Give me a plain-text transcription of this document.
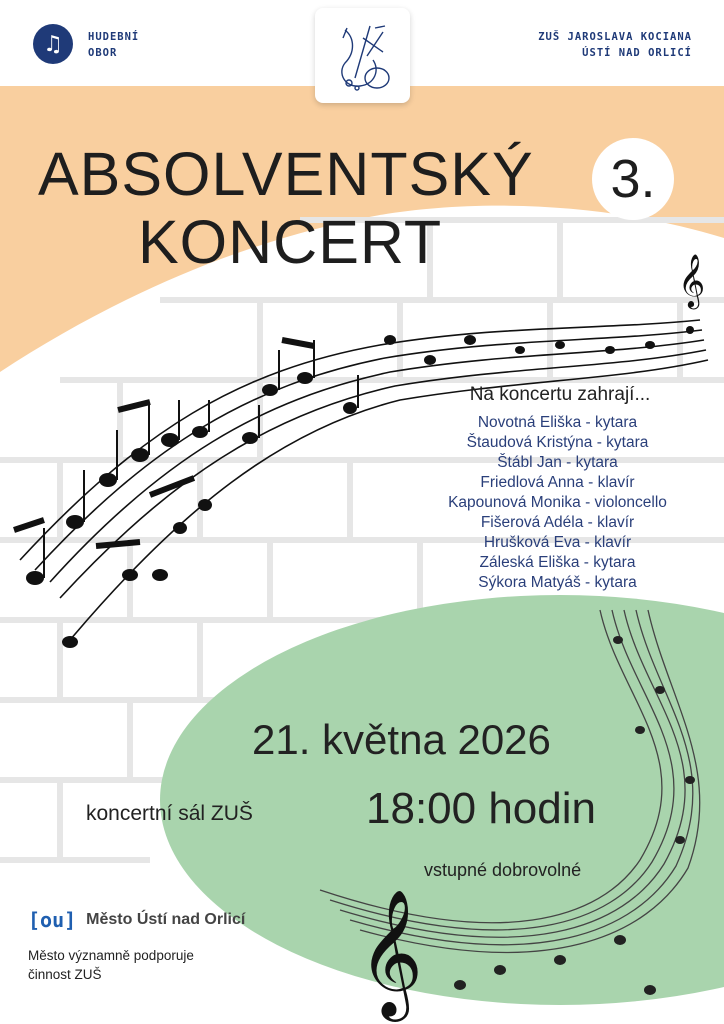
𝄞
𝄞
♫	HUDEBNÍ
OBOR
ZUŠ JAROSLAVA KOCIANA
ÚSTÍ NAD ORLICÍ
ABSOLVENTSKÝ
KONCERT
3.
Na koncertu zahrají...
Novotná Eliška - kytara
Štaudová Kristýna - kytara
Štábl Jan - kytara
Friedlová Anna - klavír
Kapounová Monika - violoncello
Fišerová Adéla - klavír
Hrušková Eva - klavír
Záleská Eliška - kytara
Sýkora Matyáš - kytara
21. května 2026
koncertní sál ZUŠ	18:00 hodin
vstupné dobrovolné
[ou] Město Ústí nad Orlicí
Město významně podporuje činnost ZUŠ
